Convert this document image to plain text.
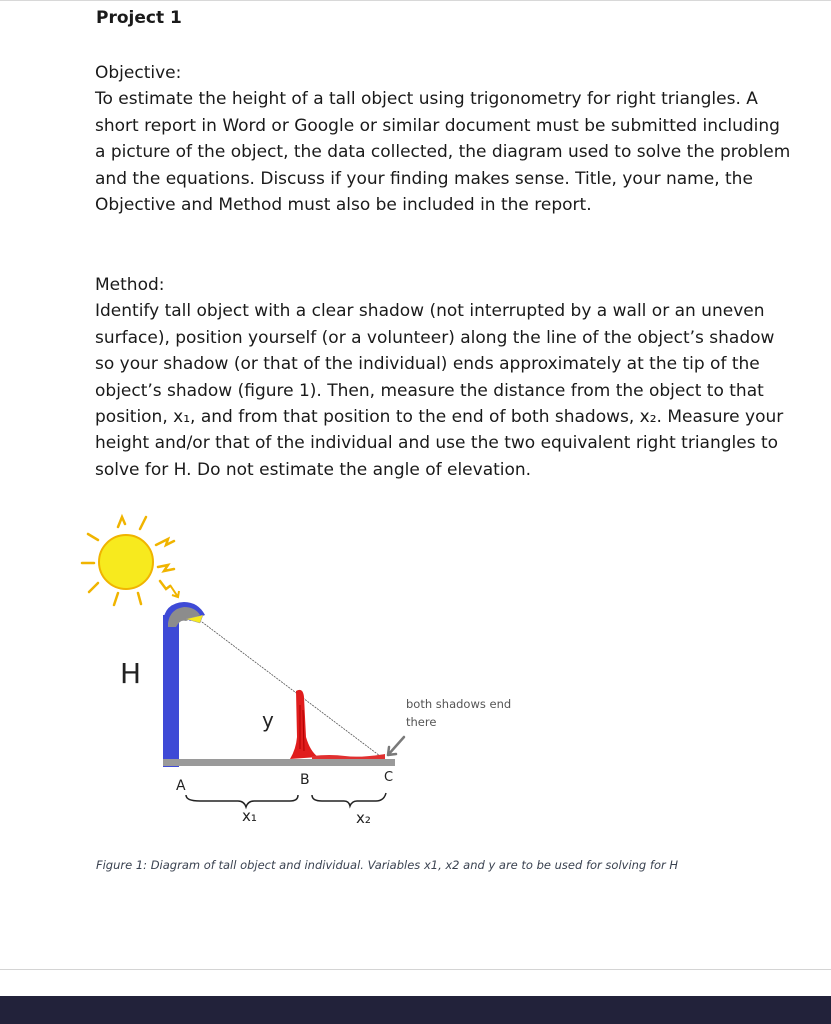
Project 1

Objective:
To estimate the height of a tall object using trigonometry for right triangles. A short report in Word or Google or similar document must be submitted including a picture of the object, the data collected, the diagram used to solve the problem and the equations. Discuss if your finding makes sense. Title, your name, the Objective and Method must also be included in the report.

Method:
Identify tall object with a clear shadow (not interrupted by a wall or an uneven surface), position yourself (or a volunteer) along the line of the object’s shadow so your shadow (or that of the individual) ends approximately at the tip of the object’s shadow (figure 1). Then, measure the distance from the object to that position, x₁, and from that position to the end of both shadows, x₂. Measure your height and/or that of the individual and use the two equivalent right triangles to solve for H. Do not estimate the angle of elevation.

H
y
A	B	C
x₁	x₂
both shadows end there

Figure 1: Diagram of tall object and individual. Variables x1, x2 and y are to be used for solving for H
